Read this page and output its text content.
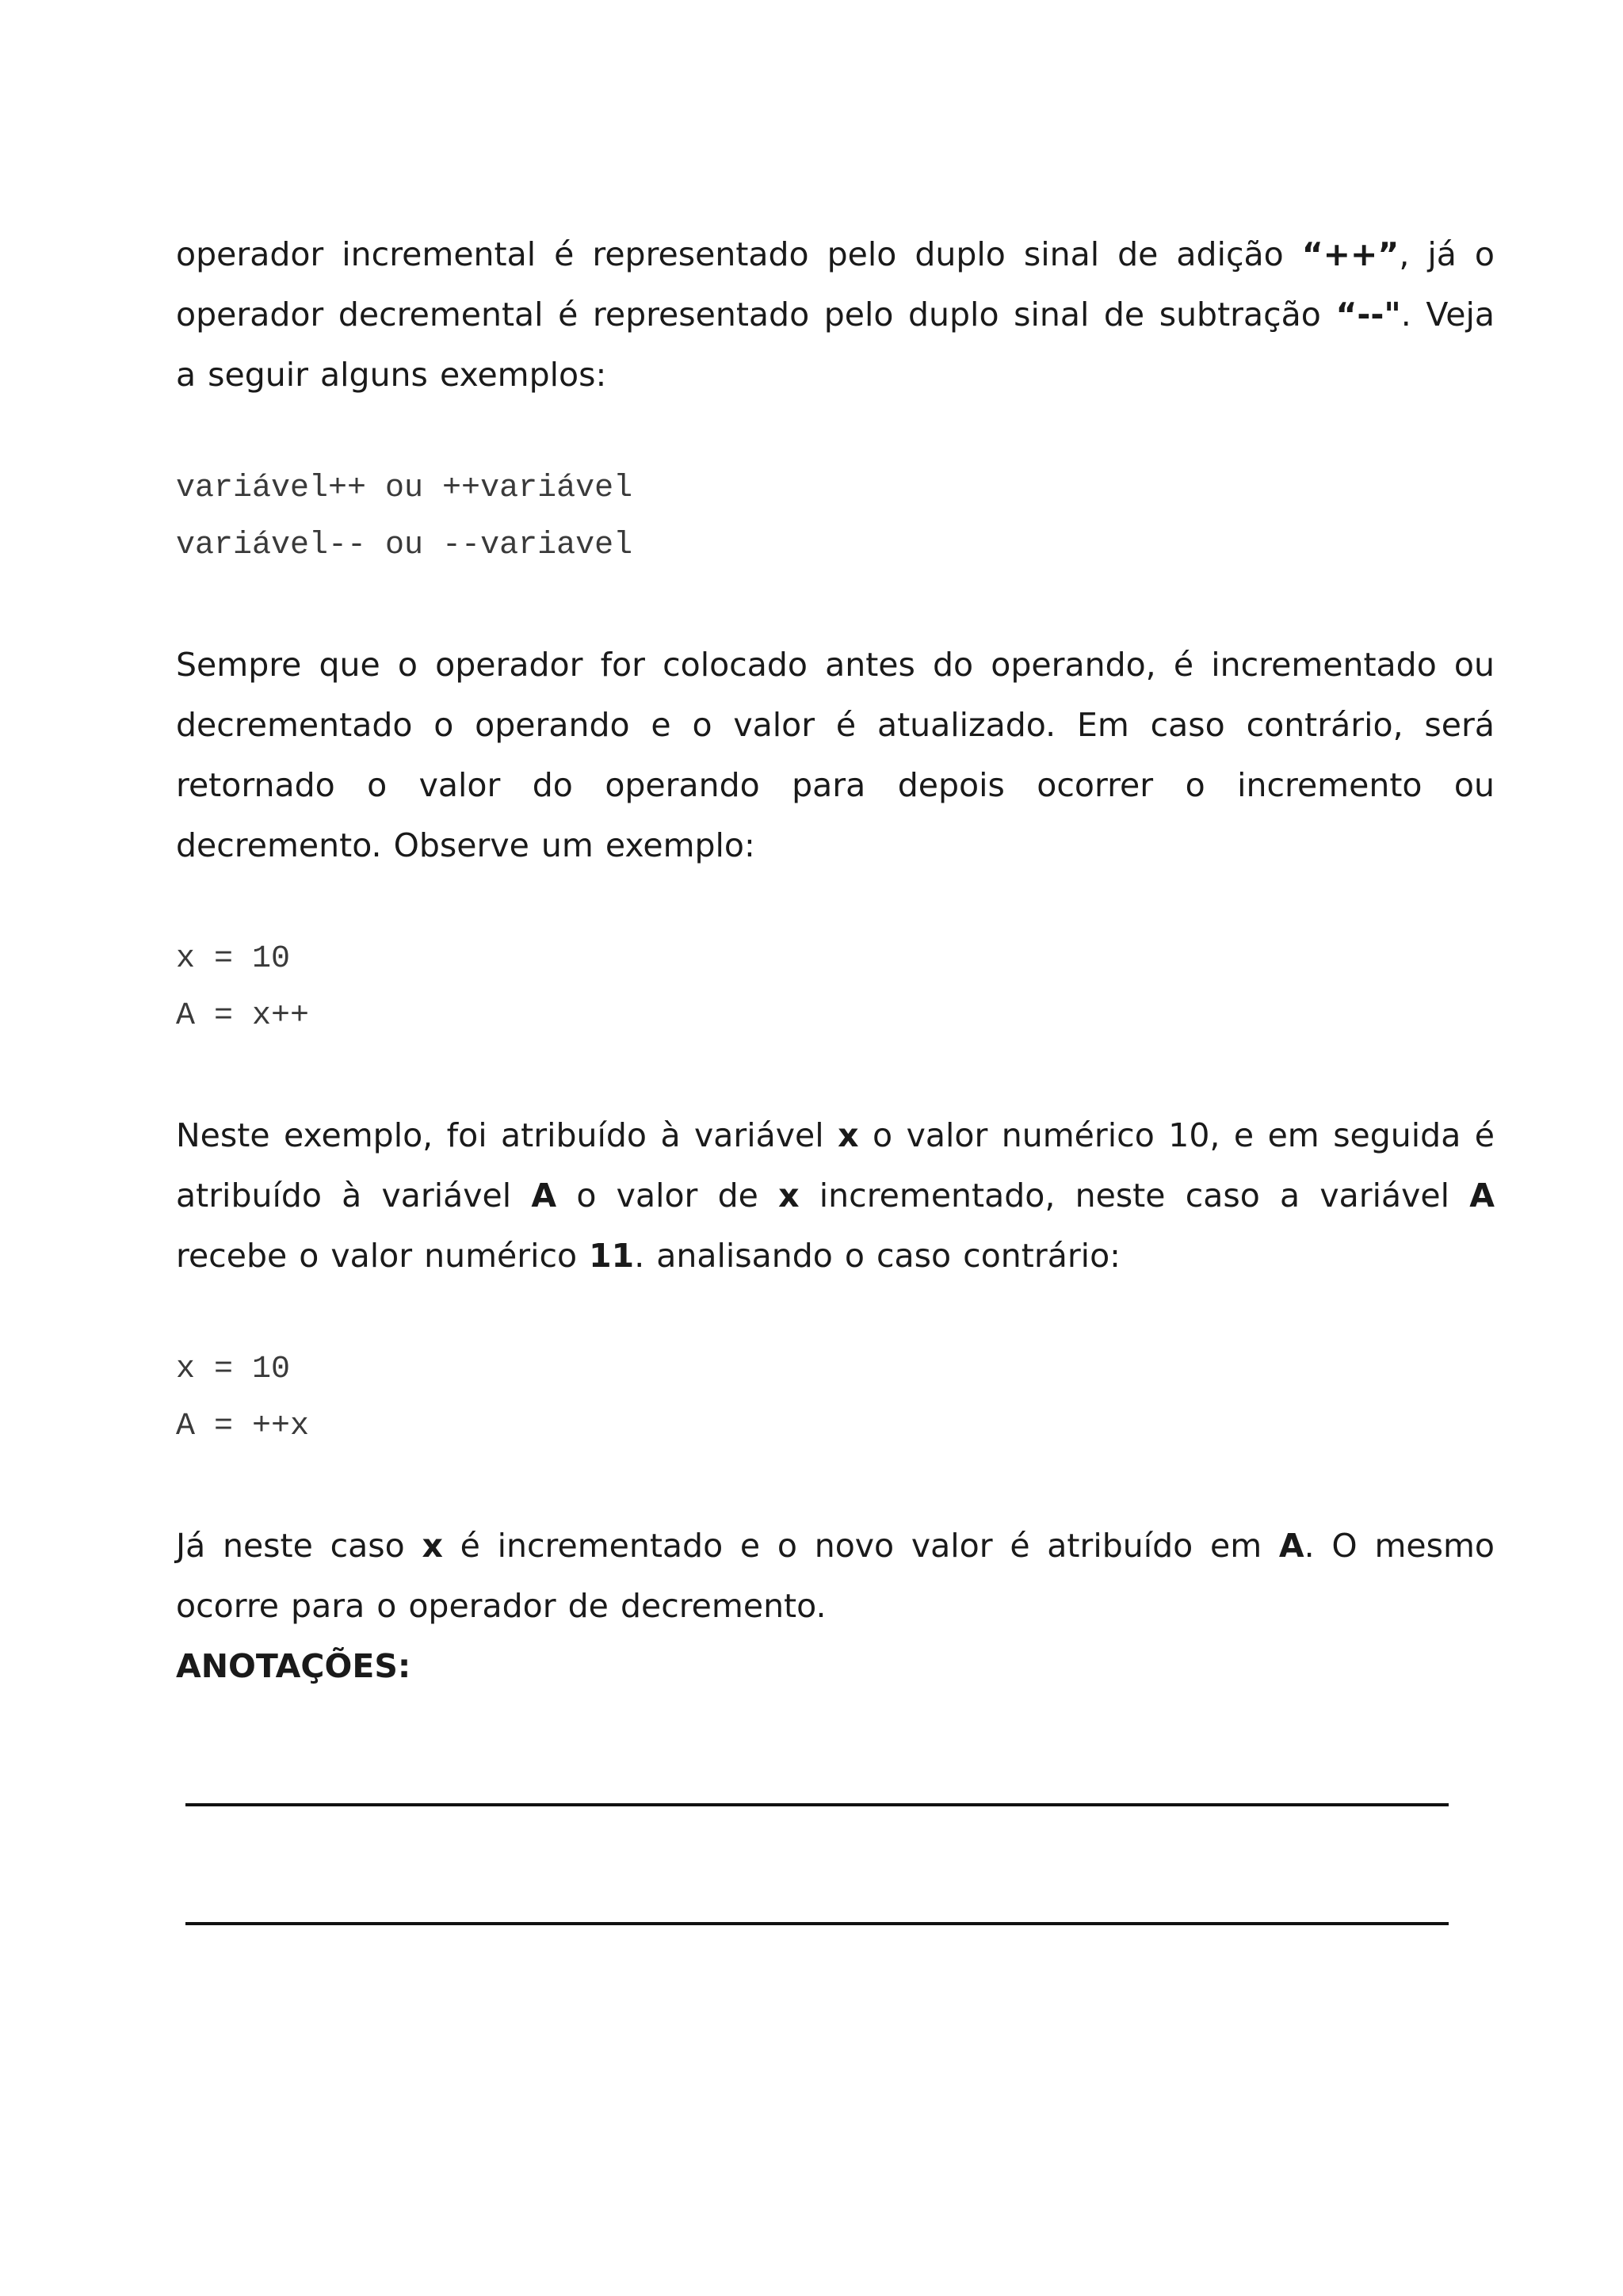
operador incremental é representado pelo duplo sinal de adição “++”, já o operador decremental é representado pelo duplo sinal de subtração “--". Veja a seguir alguns exemplos:

variável++ ou ++variável

variável-- ou --variavel

Sempre que o operador for colocado antes do operando, é incrementado ou decrementado o operando e o valor é atualizado. Em caso contrário, será retornado o valor do operando para depois ocorrer o incremento ou decremento. Observe um exemplo:

x = 10

A = x++

Neste exemplo, foi atribuído à variável x o valor numérico 10, e em seguida é atribuído à variável A o valor de x incrementado, neste caso a variável A recebe o valor numérico 11. analisando o caso contrário:

x = 10

A = ++x

Já neste caso x é incrementado e o novo valor é atribuído em A. O mesmo ocorre para o operador de decremento.

ANOTAÇÕES:
